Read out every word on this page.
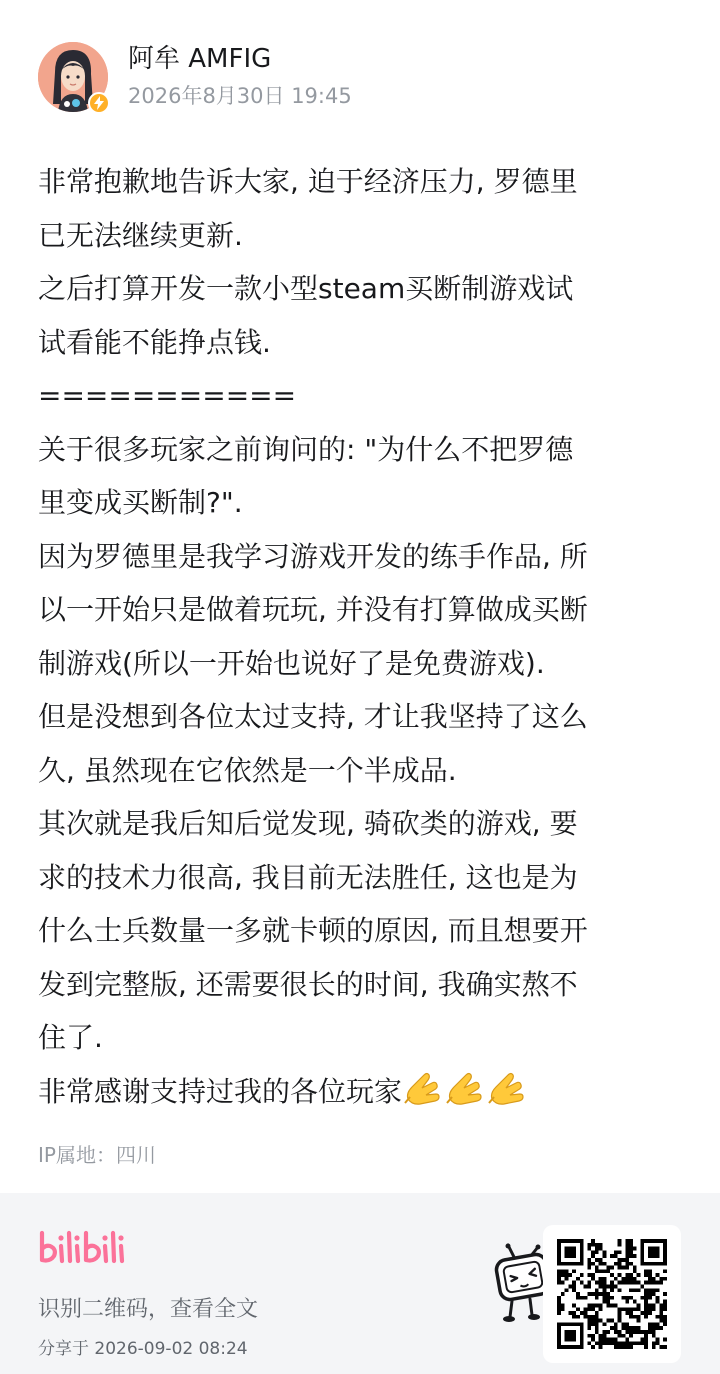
阿牟 AMFIG
2026年8月30日 19:45
非常抱歉地告诉大家, 迫于经济压力, 罗德里
已无法继续更新.
之后打算开发一款小型steam买断制游戏试
试看能不能挣点钱.
===========
关于很多玩家之前询问的: "为什么不把罗德
里变成买断制?".
因为罗德里是我学习游戏开发的练手作品, 所
以一开始只是做着玩玩, 并没有打算做成买断
制游戏(所以一开始也说好了是免费游戏).
但是没想到各位太过支持, 才让我坚持了这么
久, 虽然现在它依然是一个半成品.
其次就是我后知后觉发现, 骑砍类的游戏, 要
求的技术力很高, 我目前无法胜任, 这也是为
什么士兵数量一多就卡顿的原因, 而且想要开
发到完整版, 还需要很长的时间, 我确实熬不
住了.
非常感谢支持过我的各位玩家
IP属地：四川
识别二维码，查看全文
分享于 2026-09-02 08:24
